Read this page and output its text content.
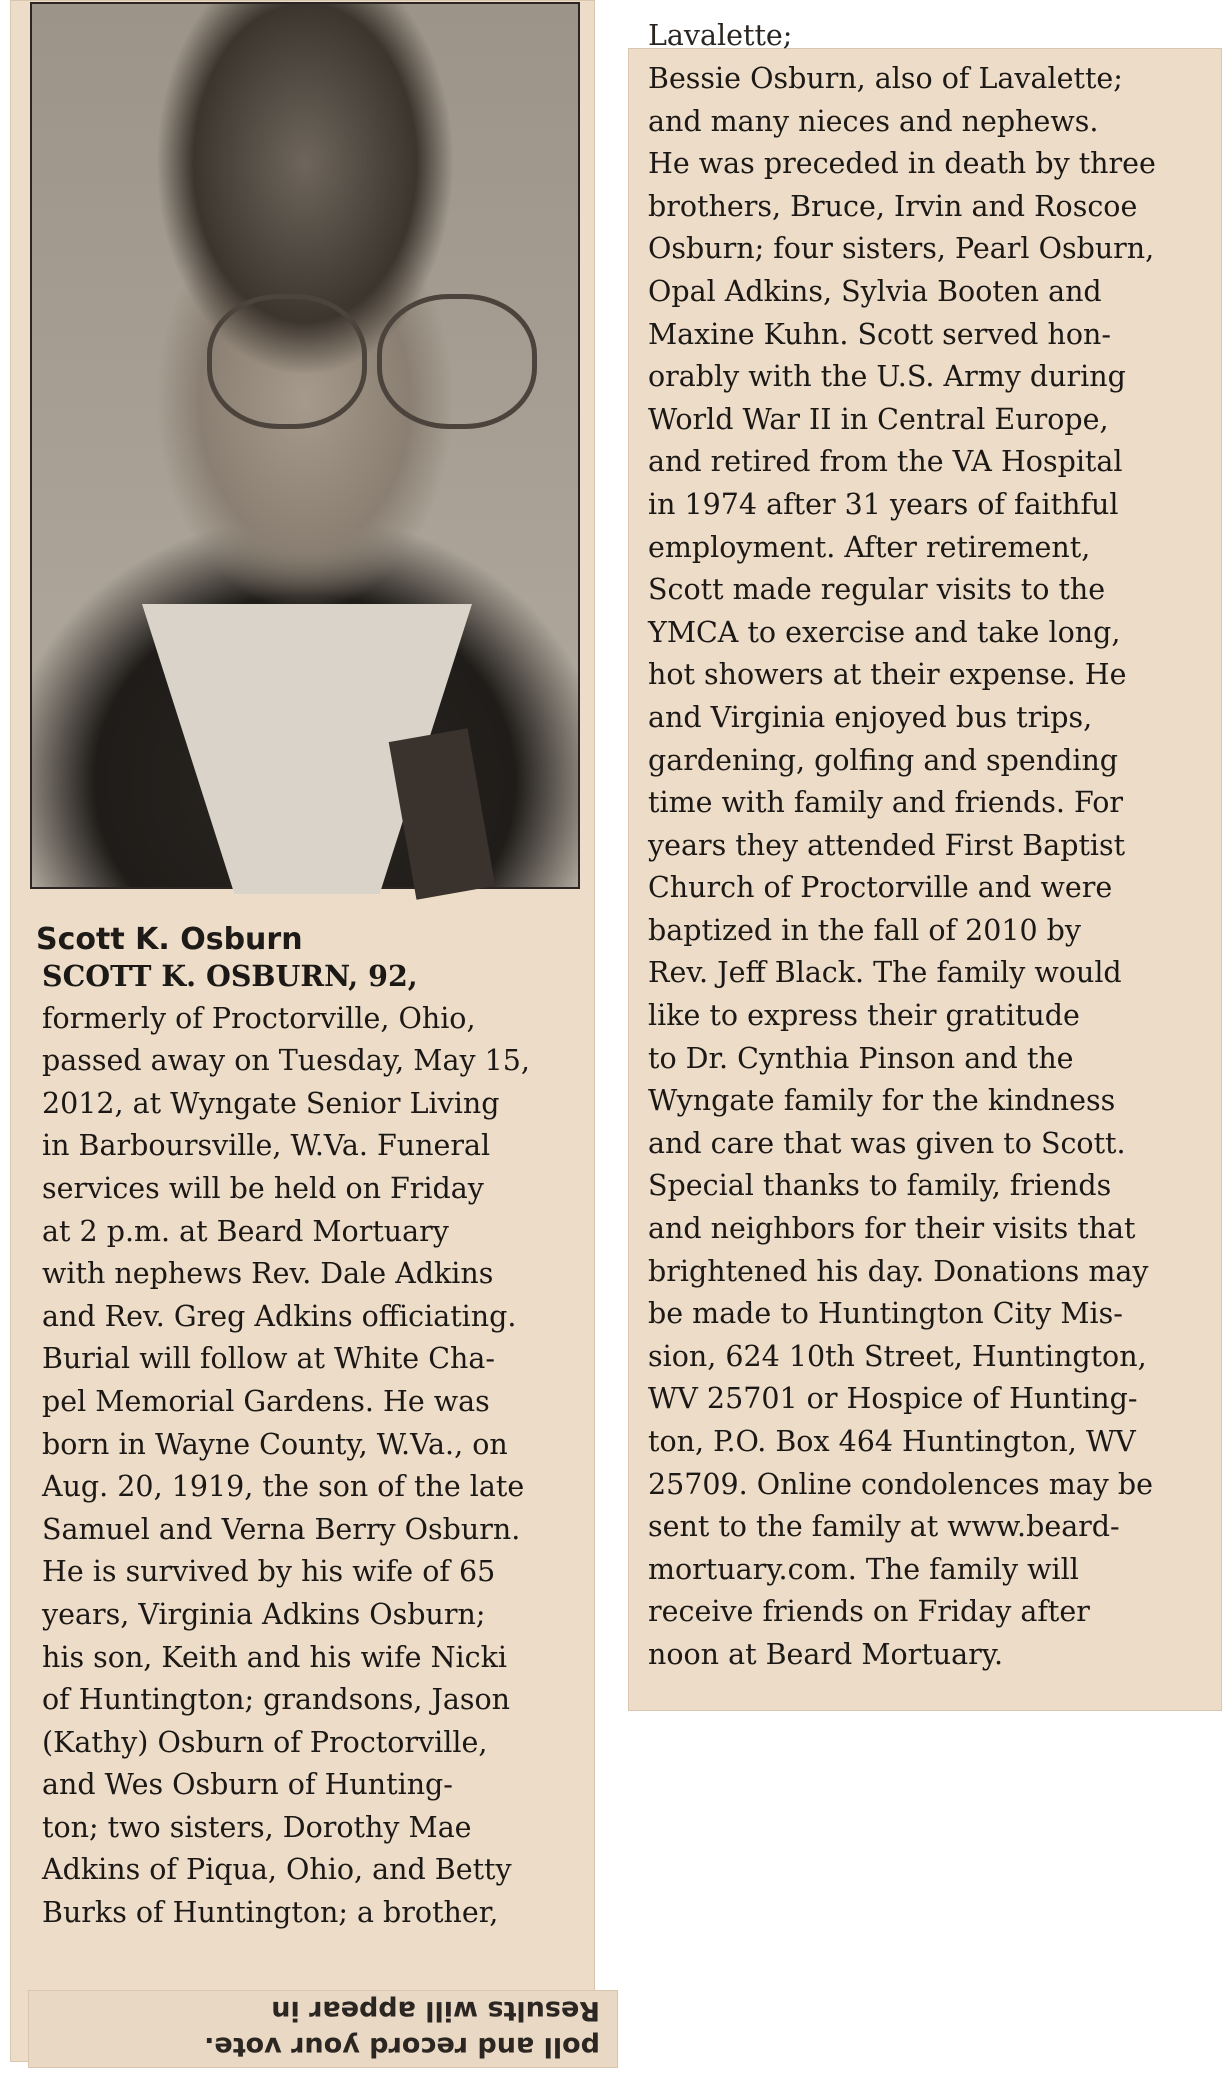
Scott K. Osburn
SCOTT K. OSBURN, 92,
formerly of Proctorville, Ohio,
passed away on Tuesday, May 15,
2012, at Wyngate Senior Living
in Barboursville, W.Va. Funeral
services will be held on Friday
at 2 p.m. at Beard Mortuary
with nephews Rev. Dale Adkins
and Rev. Greg Adkins officiating.
Burial will follow at White Cha-
pel Memorial Gardens. He was
born in Wayne County, W.Va., on
Aug. 20, 1919, the son of the late
Samuel and Verna Berry Osburn.
He is survived by his wife of 65
years, Virginia Adkins Osburn;
his son, Keith and his wife Nicki
of Huntington; grandsons, Jason
(Kathy) Osburn of Proctorville,
and Wes Osburn of Hunting-
ton; two sisters, Dorothy Mae
Adkins of Piqua, Ohio, and Betty
Burks of Huntington; a brother,
Lavalette;
Bessie Osburn, also of Lavalette;
and many nieces and nephews.
He was preceded in death by three
brothers, Bruce, Irvin and Roscoe
Osburn; four sisters, Pearl Osburn,
Opal Adkins, Sylvia Booten and
Maxine Kuhn. Scott served hon-
orably with the U.S. Army during
World War II in Central Europe,
and retired from the VA Hospital
in 1974 after 31 years of faithful
employment. After retirement,
Scott made regular visits to the
YMCA to exercise and take long,
hot showers at their expense. He
and Virginia enjoyed bus trips,
gardening, golfing and spending
time with family and friends. For
years they attended First Baptist
Church of Proctorville and were
baptized in the fall of 2010 by
Rev. Jeff Black. The family would
like to express their gratitude
to Dr. Cynthia Pinson and the
Wyngate family for the kindness
and care that was given to Scott.
Special thanks to family, friends
and neighbors for their visits that
brightened his day. Donations may
be made to Huntington City Mis-
sion, 624 10th Street, Huntington,
WV 25701 or Hospice of Hunting-
ton, P.O. Box 464 Huntington, WV
25709. Online condolences may be
sent to the family at www.beard-
mortuary.com. The family will
receive friends on Friday after
noon at Beard Mortuary.
poll and record your vote.
Results will appear in
